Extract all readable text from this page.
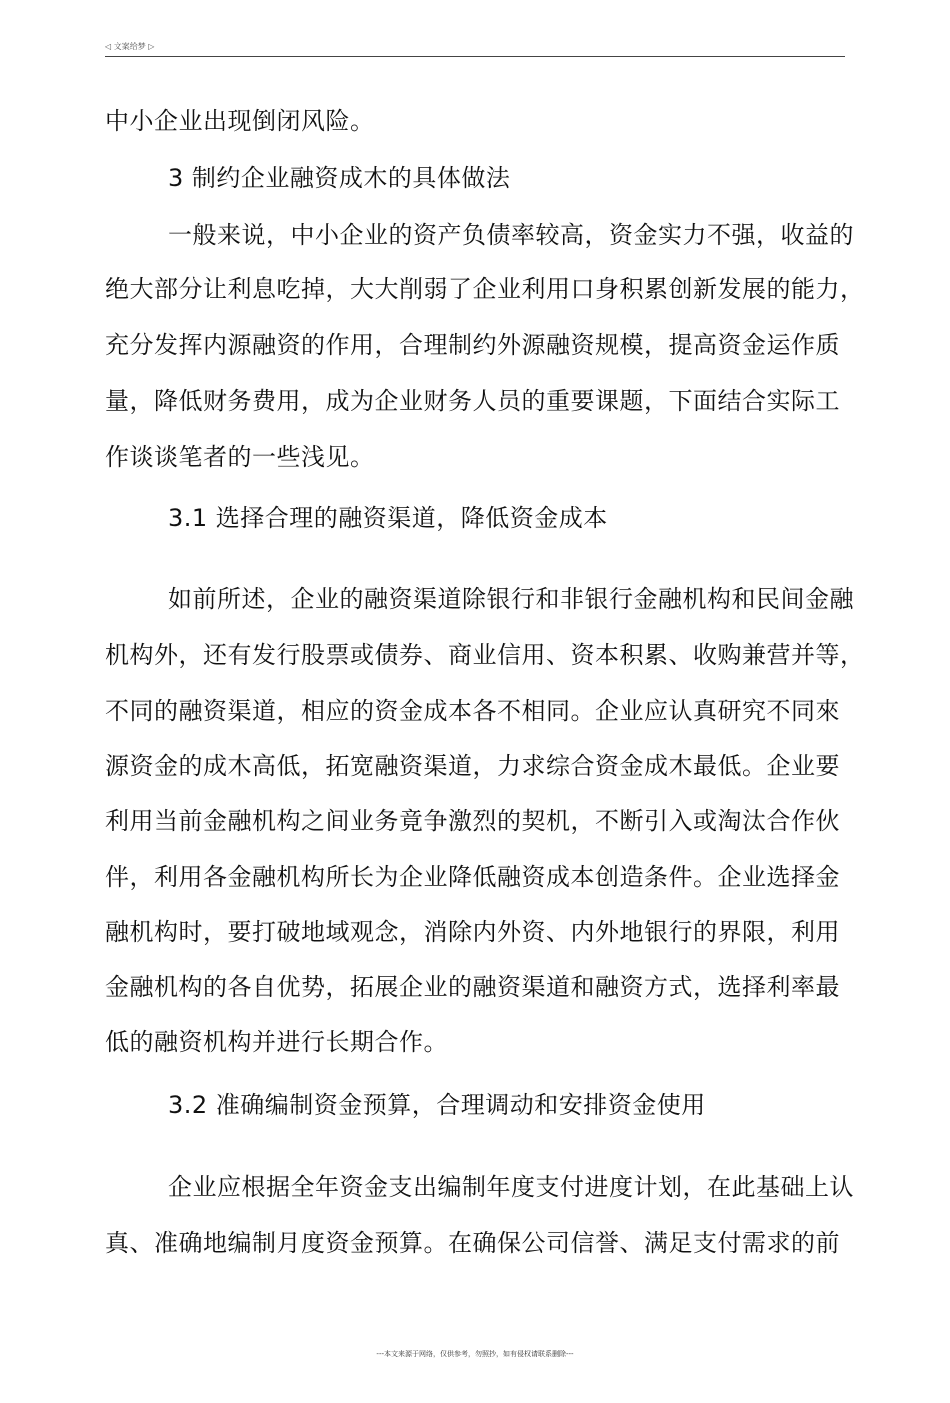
◁ 文案给梦 ▷
中小企业出现倒闭风险。
3 制约企业融资成木的具体做法
一般来说，中小企业的资产负债率较高，资金实力不强，收益的
绝大部分让利息吃掉，大大削弱了企业利用口身积累创新发展的能力，
充分发挥内源融资的作用，合理制约外源融资规模，提高资金运作质
量，降低财务费用，成为企业财务人员的重要课题，下面结合实际工
作谈谈笔者的一些浅见。
3.1 选择合理的融资渠道，降低资金成本
如前所述，企业的融资渠道除银行和非银行金融机构和民间金融
机构外，还有发行股票或债券、商业信用、资本积累、收购兼营并等，
不同的融资渠道，相应的资金成本各不相同。企业应认真研究不同來
源资金的成木高低，拓宽融资渠道，力求综合资金成木最低。企业要
利用当前金融机构之间业务竟争激烈的契机，不断引入或淘汰合作伙
伴，利用各金融机构所长为企业降低融资成本创造条件。企业选择金
融机构时，要打破地域观念，消除内外资、内外地银行的界限，利用
金融机构的各自优势，拓展企业的融资渠道和融资方式，选择利率最
低的融资机构并进行长期合作。
3.2 准确编制资金预算，合理调动和安排资金使用
企业应根据全年资金支出编制年度支付进度计划，在此基础上认
真、准确地编制月度资金预算。在确保公司信誉、满足支付需求的前
---本文来源于网络，仅供参考，勿照抄，如有侵权请联系删除---
